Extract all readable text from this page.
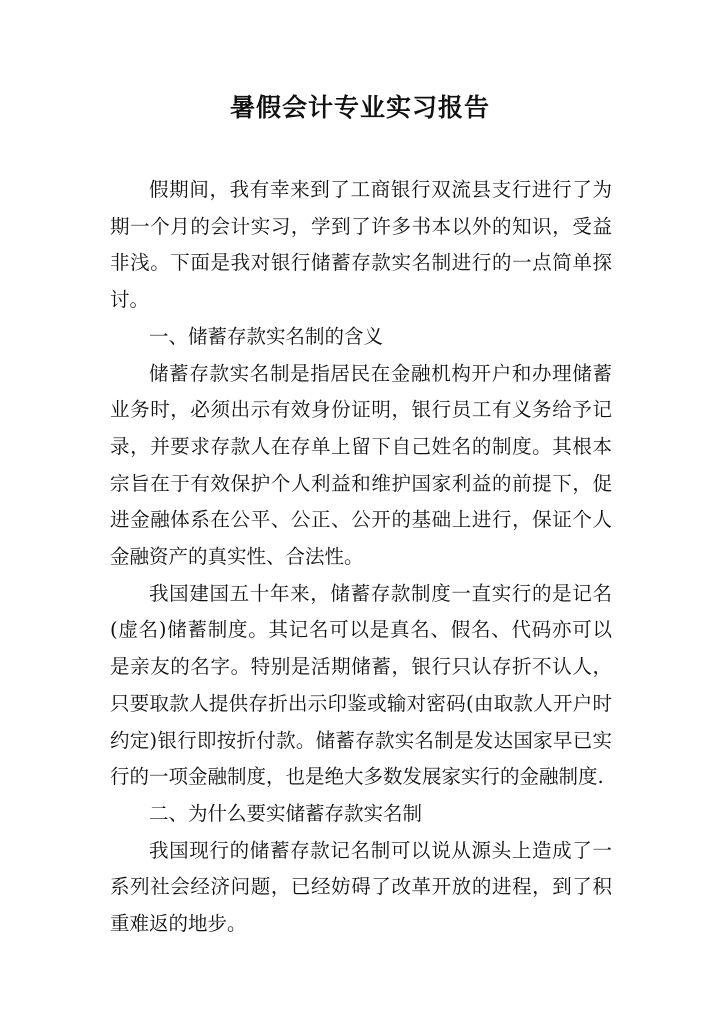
暑假会计专业实习报告

假期间，我有幸来到了工商银行双流县支行进行了为期一个月的会计实习，学到了许多书本以外的知识，受益非浅。下面是我对银行储蓄存款实名制进行的一点简单探讨。

一、储蓄存款实名制的含义

储蓄存款实名制是指居民在金融机构开户和办理储蓄业务时，必须出示有效身份证明，银行员工有义务给予记录，并要求存款人在存单上留下自己姓名的制度。其根本宗旨在于有效保护个人利益和维护国家利益的前提下，促进金融体系在公平、公正、公开的基础上进行，保证个人金融资产的真实性、合法性。

我国建国五十年来，储蓄存款制度一直实行的是记名(虚名)储蓄制度。其记名可以是真名、假名、代码亦可以是亲友的名字。特别是活期储蓄，银行只认存折不认人，只要取款人提供存折出示印鉴或输对密码(由取款人开户时约定)银行即按折付款。储蓄存款实名制是发达国家早已实行的一项金融制度，也是绝大多数发展家实行的金融制度.

二、为什么要实储蓄存款实名制

我国现行的储蓄存款记名制可以说从源头上造成了一系列社会经济问题，已经妨碍了改革开放的进程，到了积重难返的地步。
